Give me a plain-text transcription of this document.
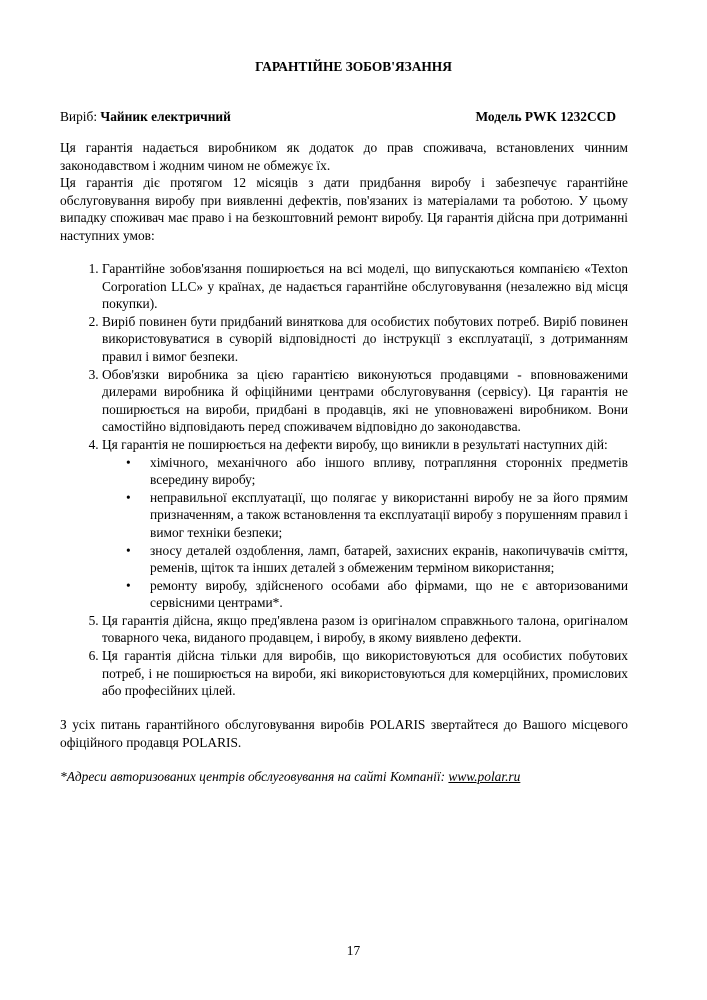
ГАРАНТІЙНЕ ЗОБОВ'ЯЗАННЯ
Виріб: Чайник електричний	Модель PWK 1232CCD

Ця гарантія надається виробником як додаток до прав споживача, встановлених чинним законодавством і жодним чином не обмежує їх.

Ця гарантія діє протягом 12 місяців з дати придбання виробу і забезпечує гарантійне обслуговування виробу при виявленні дефектів, пов'язаних із матеріалами та роботою. У цьому випадку споживач має право і на безкоштовний ремонт виробу. Ця гарантія дійсна при дотриманні наступних умов:

1. Гарантійне зобов'язання поширюється на всі моделі, що випускаються компанією «Texton Corporation LLC» у країнах, де надається гарантійне обслуговування (незалежно від місця покупки).
2. Виріб повинен бути придбаний виняткова для особистих побутових потреб. Виріб повинен використовуватися в суворій відповідності до інструкції з експлуатації, з дотриманням правил і вимог безпеки.
3. Обов'язки виробника за цією гарантією виконуються продавцями - вповноваженими дилерами виробника й офіційними центрами обслуговування (сервісу). Ця гарантія не поширюється на вироби, придбані в продавців, які не уповноважені виробником. Вони самостійно відповідають перед споживачем відповідно до законодавства.
4. Ця гарантія не поширюється на дефекти виробу, що виникли в результаті наступних дій:
• хімічного, механічного або іншого впливу, потрапляння сторонніх предметів всередину виробу;
• неправильної експлуатації, що полягає у використанні виробу не за його прямим призначенням, а також встановлення та експлуатації виробу з порушенням правил і вимог техніки безпеки;
• зносу деталей оздоблення, ламп, батарей, захисних екранів, накопичувачів сміття, ременів, щіток та інших деталей з обмеженим терміном використання;
• ремонту виробу, здійсненого особами або фірмами, що не є авторизованими сервісними центрами*.
5. Ця гарантія дійсна, якщо пред'явлена разом із оригіналом справжнього талона, оригіналом товарного чека, виданого продавцем, і виробу, в якому виявлено дефекти.
6. Ця гарантія дійсна тільки для виробів, що використовуються для особистих побутових потреб, і не поширюється на вироби, які використовуються для комерційних, промислових або професійних цілей.

З усіх питань гарантійного обслуговування виробів POLARIS звертайтеся до Вашого місцевого офіційного продавця POLARIS.

*Адреси авторизованих центрів обслуговування на сайті Компанії: www.polar.ru
17
